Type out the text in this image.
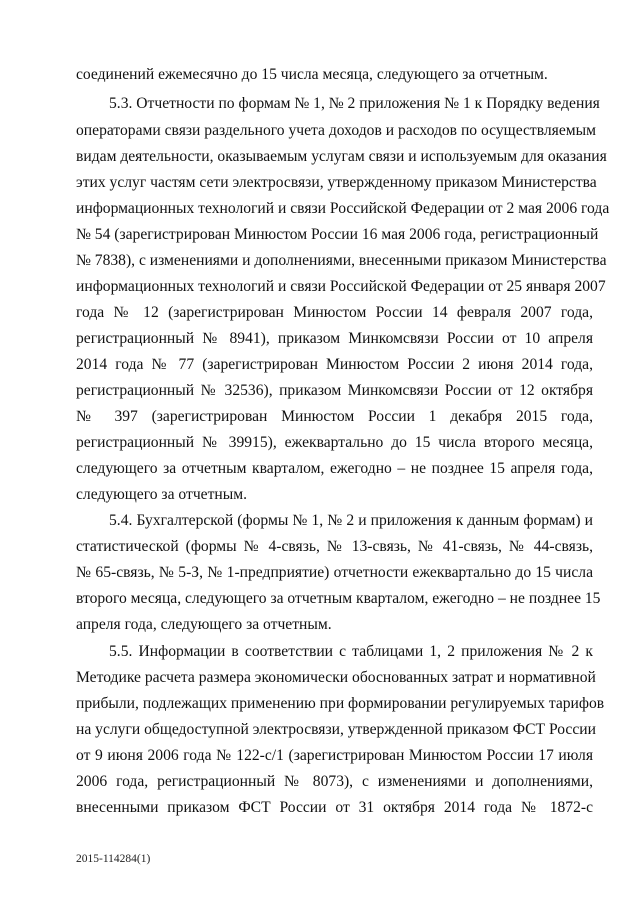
соединений ежемесячно до 15 числа месяца, следующего за отчетным.
5.3. Отчетности по формам № 1, № 2 приложения № 1 к Порядку ведения
операторами связи раздельного учета доходов и расходов по осуществляемым
видам деятельности, оказываемым услугам связи и используемым для оказания
этих услуг частям сети электросвязи, утвержденному приказом Министерства
информационных технологий и связи Российской Федерации от 2 мая 2006 года
№ 54 (зарегистрирован Минюстом России 16 мая 2006 года, регистрационный
№ 7838), с изменениями и дополнениями, внесенными приказом Министерства
информационных технологий и связи Российской Федерации от 25 января 2007
года № 12 (зарегистрирован Минюстом России 14 февраля 2007 года,
регистрационный № 8941), приказом Минкомсвязи России от 10 апреля
2014 года № 77 (зарегистрирован Минюстом России 2 июня 2014 года,
регистрационный № 32536), приказом Минкомсвязи России от 12 октября
№ 397 (зарегистрирован Минюстом России 1 декабря 2015 года,
регистрационный № 39915), ежеквартально до 15 числа второго месяца,
следующего за отчетным кварталом, ежегодно – не позднее 15 апреля года,
следующего за отчетным.
5.4. Бухгалтерской (формы № 1, № 2 и приложения к данным формам) и
статистической (формы № 4-связь, № 13-связь, № 41-связь, № 44-связь,
№ 65-связь, № 5-З, № 1-предприятие) отчетности ежеквартально до 15 числа
второго месяца, следующего за отчетным кварталом, ежегодно – не позднее 15
апреля года, следующего за отчетным.
5.5. Информации в соответствии с таблицами 1, 2 приложения № 2 к
Методике расчета размера экономически обоснованных затрат и нормативной
прибыли, подлежащих применению при формировании регулируемых тарифов
на услуги общедоступной электросвязи, утвержденной приказом ФСТ России
от 9 июня 2006 года № 122-с/1 (зарегистрирован Минюстом России 17 июля
2006 года, регистрационный № 8073), с изменениями и дополнениями,
внесенными приказом ФСТ России от 31 октября 2014 года № 1872-с
2015-114284(1)
